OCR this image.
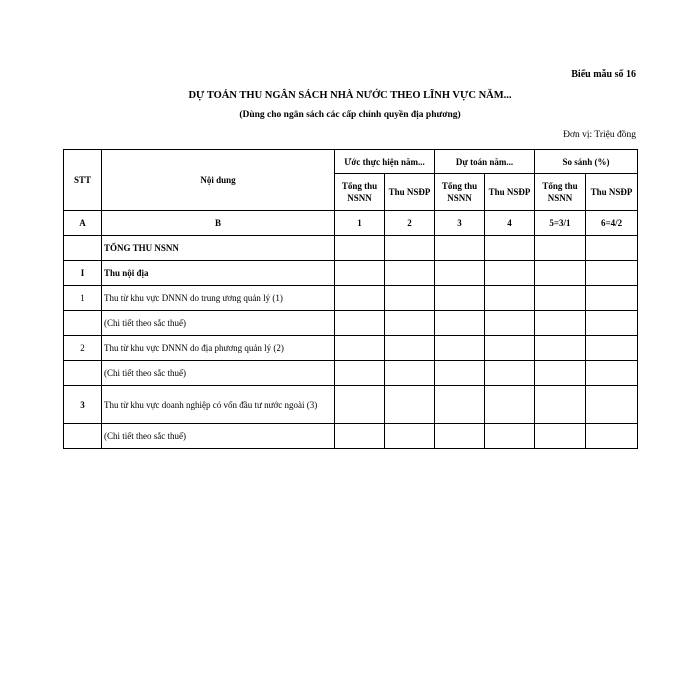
Biểu mẫu số 16
DỰ TOÁN THU NGÂN SÁCH NHÀ NƯỚC THEO LĨNH VỰC NĂM...
(Dùng cho ngân sách các cấp chính quyền địa phương)
Đơn vị: Triệu đồng
STT	Nội dung	Ước thực hiện năm...		Dự toán năm...		So sánh (%)	
		Tổng thu NSNN	Thu NSĐP	Tổng thu NSNN	Thu NSĐP	Tổng thu NSNN	Thu NSĐP
A	B	1	2	3	4	5=3/1	6=4/2
	TỔNG THU NSNN						
I	Thu nội địa						
1	Thu từ khu vực DNNN do trung ương quản lý (1)						
	(Chi tiết theo sắc thuế)						
2	Thu từ khu vực DNNN do địa phương quản lý (2)						
	(Chi tiết theo sắc thuế)						
3	Thu từ khu vực doanh nghiệp có vốn đầu tư nước ngoài (3)						
	(Chi tiết theo sắc thuế)						
